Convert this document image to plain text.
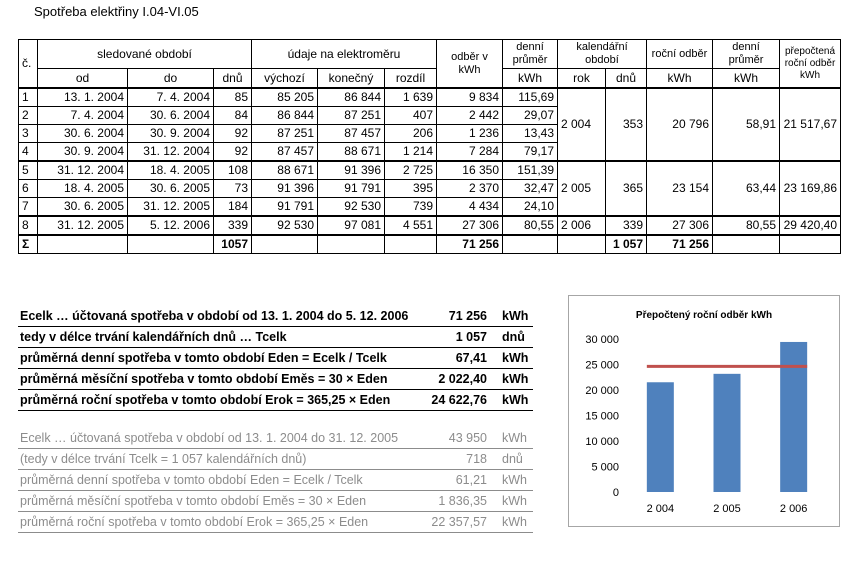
Spotřeba elektřiny I.04-VI.05
č.	sledované období			údaje na elektroměru			odběr v kWh	denní průměr	kalendářní období		roční odběr	denní průměr	přepočtená roční odběr kWh
	od	do	dnů	výchozí	konečný	rozdíl		kWh	rok	dnů	kWh	kWh	
1	13. 1. 2004	7. 4. 2004	85	85 205	86 844	1 639	9 834	115,69	2 004	353	20 796	58,91	21 517,67
2	7. 4. 2004	30. 6. 2004	84	86 844	87 251	407	2 442	29,07					
3	30. 6. 2004	30. 9. 2004	92	87 251	87 457	206	1 236	13,43					
4	30. 9. 2004	31. 12. 2004	92	87 457	88 671	1 214	7 284	79,17					
5	31. 12. 2004	18. 4. 2005	108	88 671	91 396	2 725	16 350	151,39	2 005	365	23 154	63,44	23 169,86
6	18. 4. 2005	30. 6. 2005	73	91 396	91 791	395	2 370	32,47					
7	30. 6. 2005	31. 12. 2005	184	91 791	92 530	739	4 434	24,10					
8	31. 12. 2005	5. 12. 2006	339	92 530	97 081	4 551	27 306	80,55	2 006	339	27 306	80,55	29 420,40
Σ			1057				71 256			1 057	71 256		
Ecelk … účtovaná spotřeba v období od 13. 1. 2004 do 5. 12. 2006	71 256 kWh
tedy v délce trvání kalendářních dnů … Tcelk	1 057 dnů
průměrná denní spotřeba v tomto období Eden = Ecelk / Tcelk	67,41 kWh
průměrná měsíční spotřeba v tomto období Eměs = 30 × Eden	2 022,40 kWh
průměrná roční spotřeba v tomto období Erok = 365,25 × Eden	24 622,76 kWh
Ecelk … účtovaná spotřeba v období od 13. 1. 2004 do 31. 12. 2005	43 950 kWh
(tedy v délce trvání Tcelk = 1 057 kalendářních dnů)	718 dnů
průměrná denní spotřeba v tomto období Eden = Ecelk / Tcelk	61,21 kWh
průměrná měsíční spotřeba v tomto období Eměs = 30 × Eden	1 836,35 kWh
průměrná roční spotřeba v tomto období Erok = 365,25 × Eden	22 357,57 kWh
Přepočtený roční odběr kWh
0
5 000
10 000
15 000
20 000
25 000
30 000
2 004	2 005	2 006
